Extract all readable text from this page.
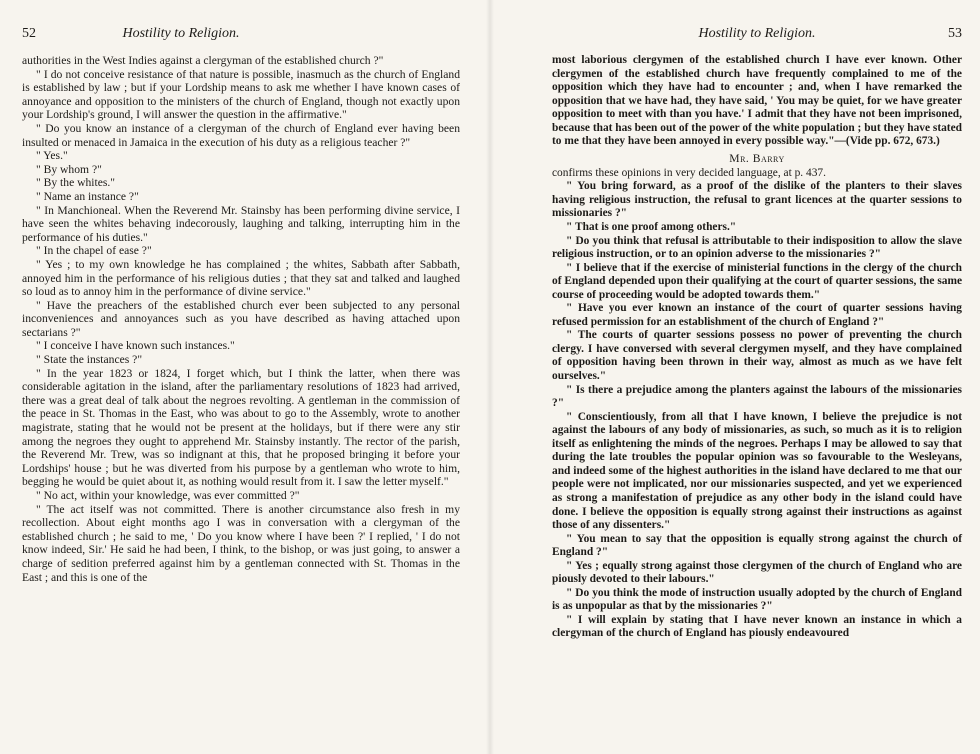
52	Hostility to Religion.

authorities in the West Indies against a clergyman of the established church ?"

" I do not conceive resistance of that nature is possible, inasmuch as the church of England is established by law ; but if your Lordship means to ask me whether I have known cases of annoyance and opposition to the ministers of the church of England, though not exactly upon your Lordship's ground, I will answer the question in the affirmative."

" Do you know an instance of a clergyman of the church of England ever having been insulted or menaced in Jamaica in the execution of his duty as a religious teacher ?"

" Yes."

" By whom ?"

" By the whites."

" Name an instance ?"

" In Manchioneal. When the Reverend Mr. Stainsby has been performing divine service, I have seen the whites behaving indecorously, laughing and talking, interrupting him in the performance of his duties."

" In the chapel of ease ?"

" Yes ; to my own knowledge he has complained ; the whites, Sabbath after Sabbath, annoyed him in the performance of his religious duties ; that they sat and talked and laughed so loud as to annoy him in the performance of divine service."

" Have the preachers of the established church ever been subjected to any personal inconveniences and annoyances such as you have described as having attached upon sectarians ?"

" I conceive I have known such instances."

" State the instances ?"

" In the year 1823 or 1824, I forget which, but I think the latter, when there was considerable agitation in the island, after the parliamentary resolutions of 1823 had arrived, there was a great deal of talk about the negroes revolting. A gentleman in the commission of the peace in St. Thomas in the East, who was about to go to the Assembly, wrote to another magistrate, stating that he would not be present at the holidays, but if there were any stir among the negroes they ought to apprehend Mr. Stainsby instantly. The rector of the parish, the Reverend Mr. Trew, was so indignant at this, that he proposed bringing it before your Lordships' house ; but he was diverted from his purpose by a gentleman who wrote to him, begging he would be quiet about it, as nothing would result from it. I saw the letter myself."

" No act, within your knowledge, was ever committed ?"

" The act itself was not committed. There is another circumstance also fresh in my recollection. About eight months ago I was in conversation with a clergyman of the established church ; he said to me, ' Do you know where I have been ?' I replied, ' I do not know indeed, Sir.' He said he had been, I think, to the bishop, or was just going, to answer a charge of sedition preferred against him by a gentleman connected with St. Thomas in the East ; and this is one of the

Hostility to Religion.	53

most laborious clergymen of the established church I have ever known. Other clergymen of the established church have frequently complained to me of the opposition which they have had to encounter ; and, when I have remarked the opposition that we have had, they have said, ' You may be quiet, for we have greater opposition to meet with than you have.' I admit that they have not been imprisoned, because that has been out of the power of the white population ; but they have stated to me that they have been annoyed in every possible way."—(Vide pp. 672, 673.)

Mr. Barry

confirms these opinions in very decided language, at p. 437.

" You bring forward, as a proof of the dislike of the planters to their slaves having religious instruction, the refusal to grant licences at the quarter sessions to missionaries ?"

" That is one proof among others."

" Do you think that refusal is attributable to their indisposition to allow the slave religious instruction, or to an opinion adverse to the missionaries ?"

" I believe that if the exercise of ministerial functions in the clergy of the church of England depended upon their qualifying at the court of quarter sessions, the same course of proceeding would be adopted towards them."

" Have you ever known an instance of the court of quarter sessions having refused permission for an establishment of the church of England ?"

" The courts of quarter sessions possess no power of preventing the church clergy. I have conversed with several clergymen myself, and they have complained of opposition having been thrown in their way, almost as much as we have felt ourselves."

" Is there a prejudice among the planters against the labours of the missionaries ?"

" Conscientiously, from all that I have known, I believe the prejudice is not against the labours of any body of missionaries, as such, so much as it is to religion itself as enlightening the minds of the negroes. Perhaps I may be allowed to say that during the late troubles the popular opinion was so favourable to the Wesleyans, and indeed some of the highest authorities in the island have declared to me that our people were not implicated, nor our missionaries suspected, and yet we experienced as strong a manifestation of prejudice as any other body in the island could have done. I believe the opposition is equally strong against their instructions as against those of any dissenters."

" You mean to say that the opposition is equally strong against the church of England ?"

" Yes ; equally strong against those clergymen of the church of England who are piously devoted to their labours."

" Do you think the mode of instruction usually adopted by the church of England is as unpopular as that by the missionaries ?"

" I will explain by stating that I have never known an instance in which a clergyman of the church of England has piously endeavoured
